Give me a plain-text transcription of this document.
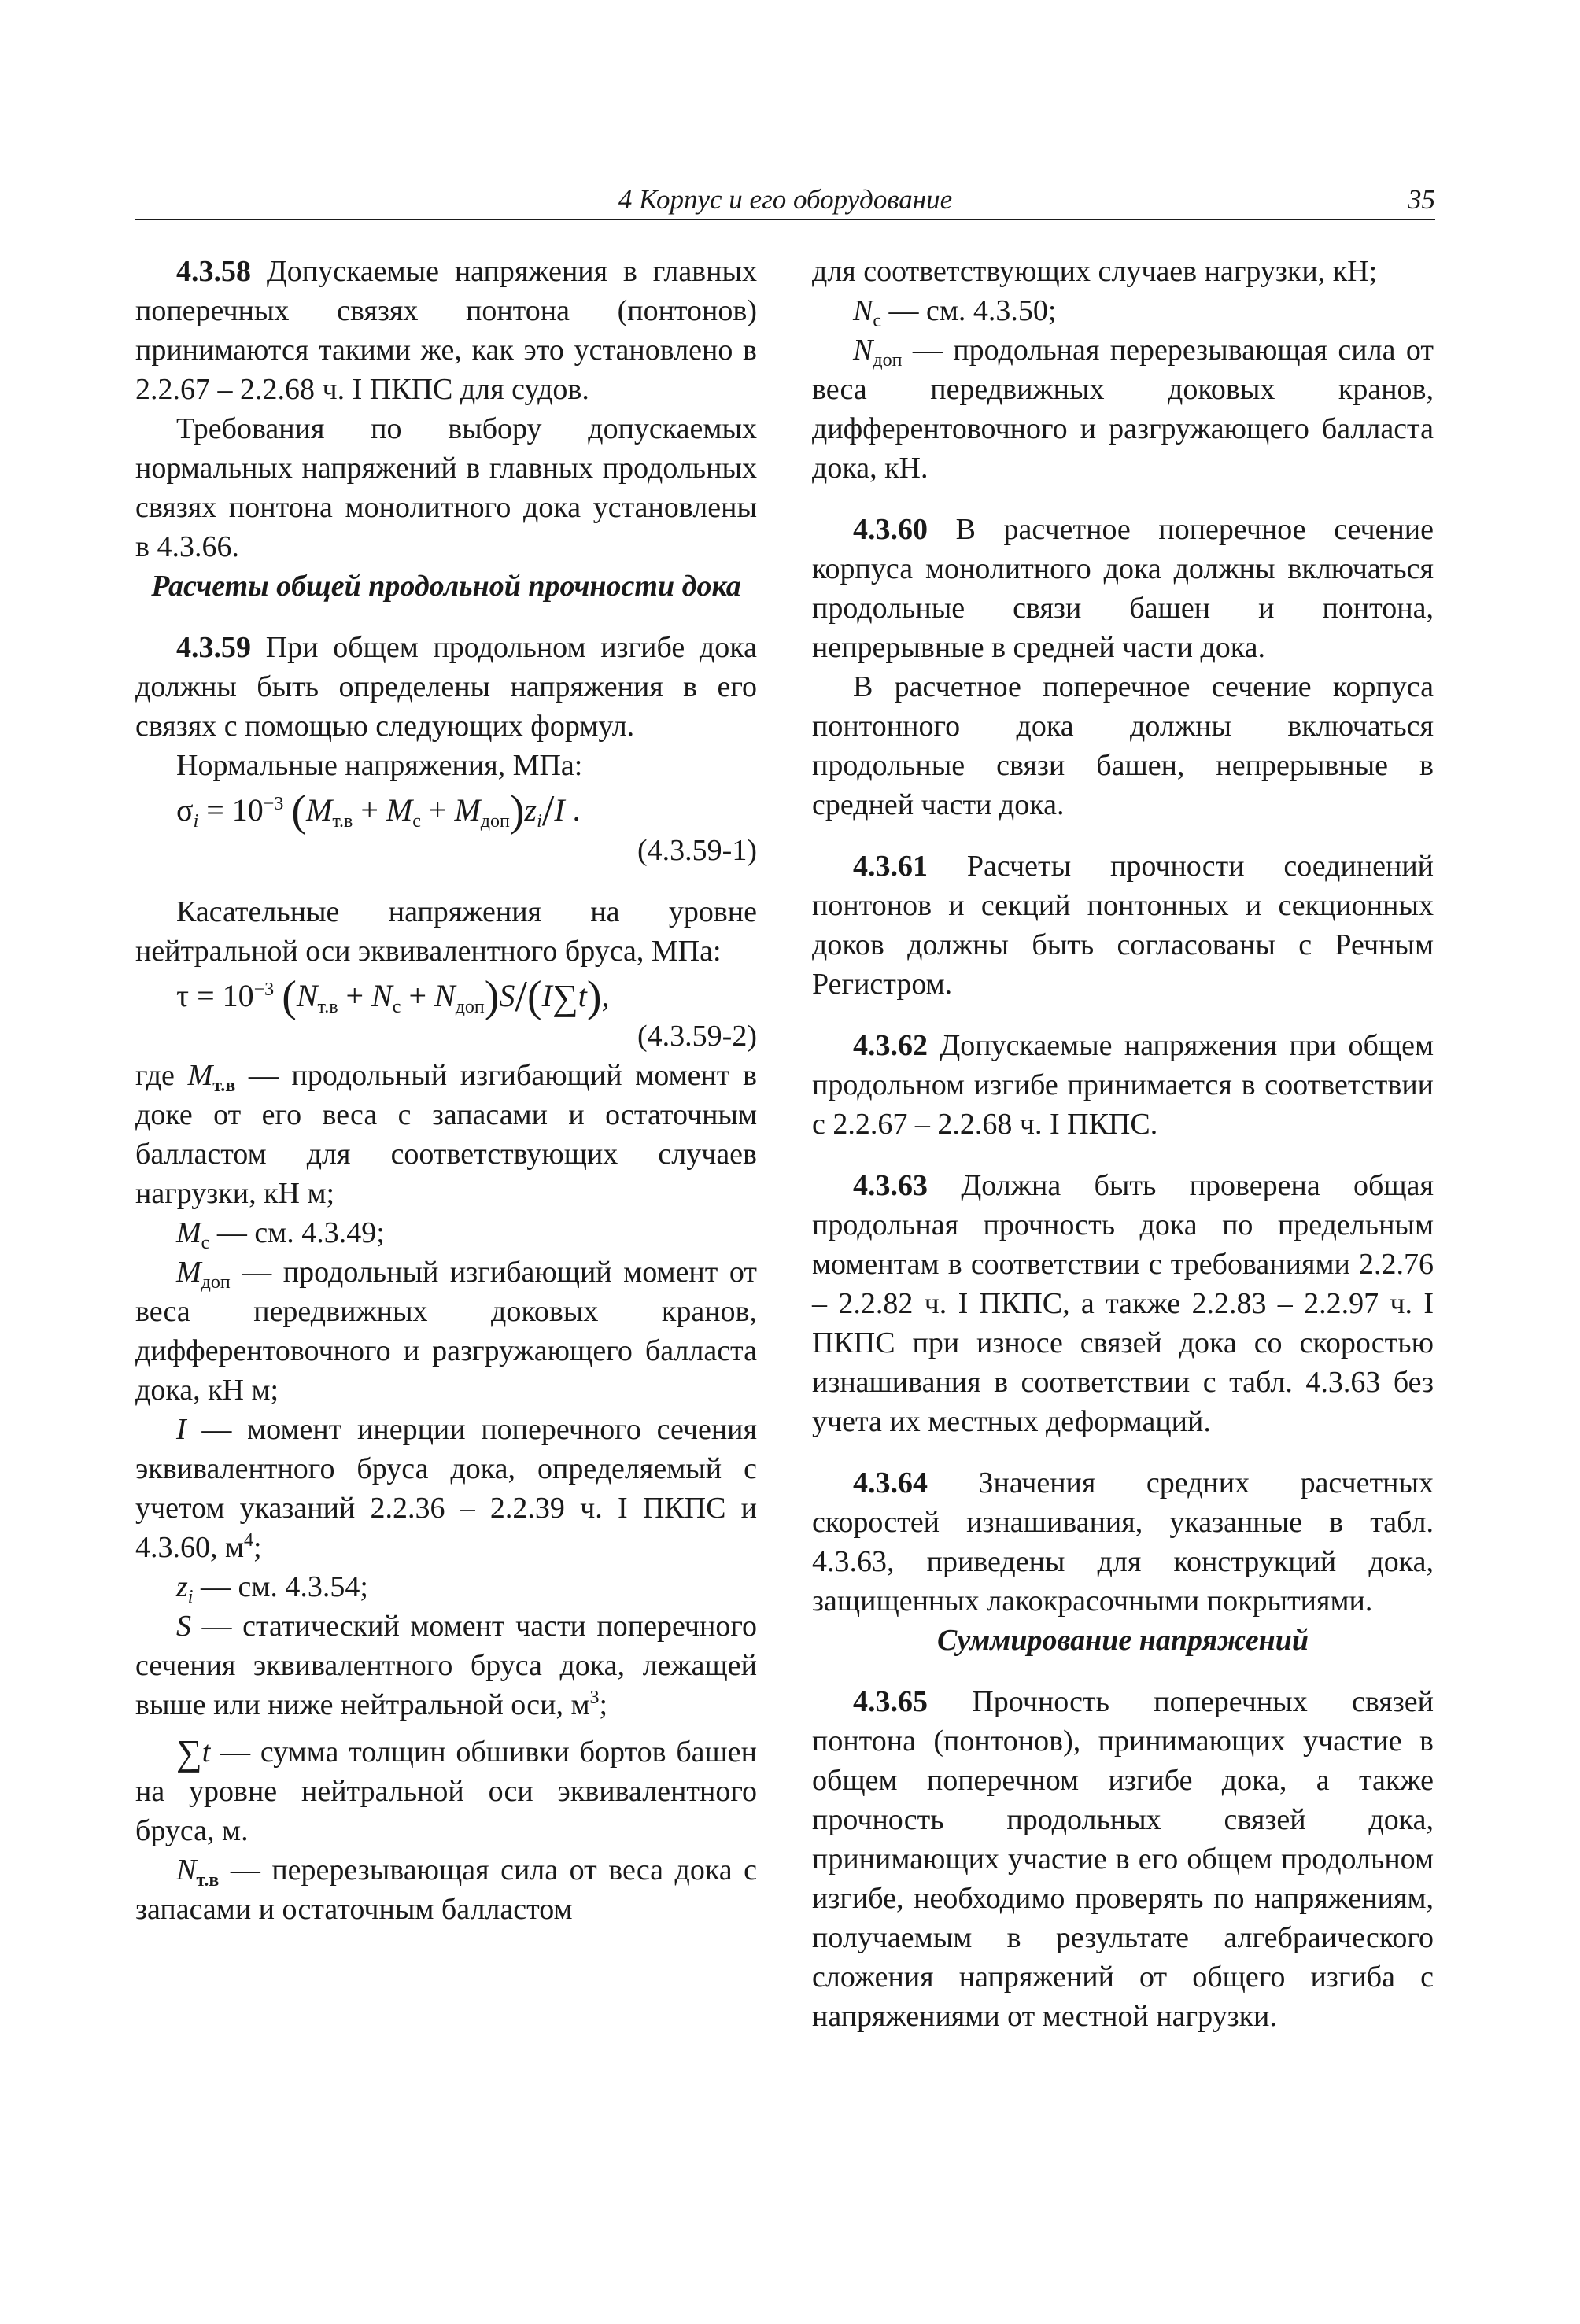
4 Корпус и его оборудование	35

4.3.58 Допускаемые напряжения в главных поперечных связях понтона (понтонов) принимаются такими же, как это установлено в 2.2.67 – 2.2.68 ч. I ПКПС для судов.

Требования по выбору допускаемых нормальных напряжений в главных продольных связях понтона монолитного дока установлены в 4.3.66.

Расчеты общей продольной прочности дока

4.3.59 При общем продольном изгибе дока должны быть определены напряжения в его связях с помощью следующих формул.

Нормальные напряжения, МПа:

$\sigma_i = 10^{-3}$ $(M_{т.в} + M_с + M_{доп})z_i/I$ .

(4.3.59-1)

Касательные напряжения на уровне нейтральной оси эквивалентного бруса, МПа:

$\tau = 10^{-3}$ $(N_{т.в} + N_с + N_{доп})S/(I\sum t)$,

(4.3.59-2)

где $M_{т.в}$ — продольный изгибающий момент в доке от его веса с запасами и остаточным балластом для соответствующих случаев нагрузки, кН м;

$M_с$ — см. 4.3.49;

$M_{доп}$ — продольный изгибающий момент от веса передвижных доковых кранов, дифферентовочного и разгружающего балласта дока, кН м;

I — момент инерции поперечного сечения эквивалентного бруса дока, определяемый с учетом указаний 2.2.36 – 2.2.39 ч. I ПКПС и 4.3.60, $м^4$;

$z_i$ — см. 4.3.54;

S — статический момент части поперечного сечения эквивалентного бруса дока, лежащей выше или ниже нейтральной оси, $м^3$;

∑t — сумма толщин обшивки бортов башен на уровне нейтральной оси эквивалентного бруса, м.

$N_{т.в}$ — перерезывающая сила от веса дока с запасами и остаточным балластом

для соответствующих случаев нагрузки, кН;

$N_с$ — см. 4.3.50;

$N_{доп}$ — продольная перерезывающая сила от веса передвижных доковых кранов, дифферентовочного и разгружающего балласта дока, кН.

4.3.60 В расчетное поперечное сечение корпуса монолитного дока должны включаться продольные связи башен и понтона, непрерывные в средней части дока.

В расчетное поперечное сечение корпуса понтонного дока должны включаться продольные связи башен, непрерывные в средней части дока.

4.3.61 Расчеты прочности соединений понтонов и секций понтонных и секционных доков должны быть согласованы с Речным Регистром.

4.3.62 Допускаемые напряжения при общем продольном изгибе принимается в соответствии с 2.2.67 – 2.2.68 ч. I ПКПС.

4.3.63 Должна быть проверена общая продольная прочность дока по предельным моментам в соответствии с требованиями 2.2.76 – 2.2.82 ч. I ПКПС, а также 2.2.83 – 2.2.97 ч. I ПКПС при износе связей дока со скоростью изнашивания в соответствии с табл. 4.3.63 без учета их местных деформаций.

4.3.64 Значения средних расчетных скоростей изнашивания, указанные в табл. 4.3.63, приведены для конструкций дока, защищенных лакокрасочными покрытиями.

Суммирование напряжений

4.3.65 Прочность поперечных связей понтона (понтонов), принимающих участие в общем поперечном изгибе дока, а также прочность продольных связей дока, принимающих участие в его общем продольном изгибе, необходимо проверять по напряжениям, получаемым в результате алгебраического сложения напряжений от общего изгиба с напряжениями от местной нагрузки.
